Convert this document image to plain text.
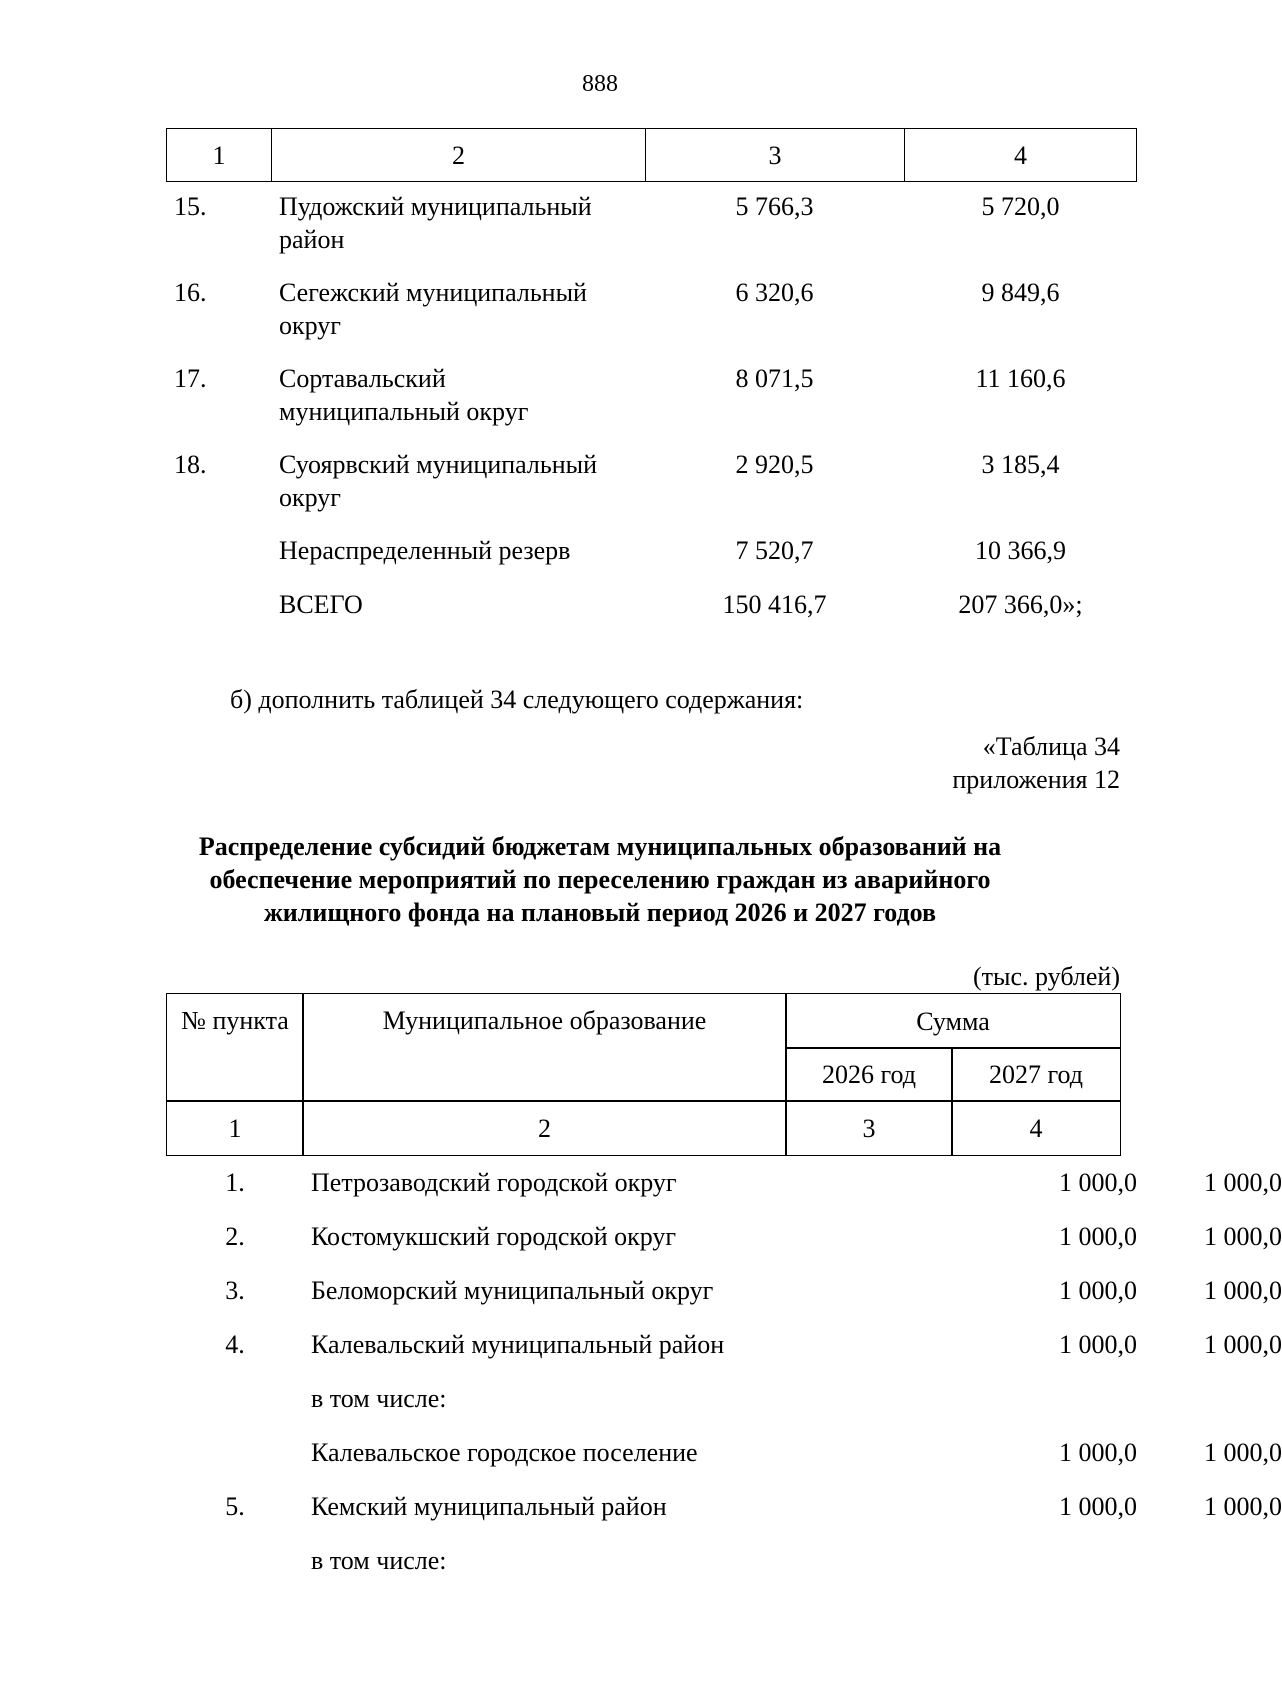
888
1	2	3	4
15.	Пудожский муниципальный
район
5 766,3	5 720,0
16.	Сегежский муниципальный
округ
6 320,6	9 849,6
17.	Сортавальский
муниципальный округ
8 071,5	11 160,6
18.	Суоярвский муниципальный
округ
2 920,5	3 185,4
Нераспределенный резерв	7 520,7	10 366,9
ВСЕГО	150 416,7	207 366,0»;
б) дополнить таблицей 34 следующего содержания:
«Таблица 34
приложения 12
Распределение субсидий бюджетам муниципальных образований на
обеспечение мероприятий по переселению граждан из аварийного
жилищного фонда на плановый период 2026 и 2027 годов
(тыс. рублей)
№ пункта	Муниципальное образование	Сумма
2026 год	2027 год
1	2	3	4
1.	Петрозаводский городской округ	1 000,0	1 000,0
2.	Костомукшский городской округ	1 000,0	1 000,0
3.	Беломорский муниципальный округ	1 000,0	1 000,0
4.	Калевальский муниципальный район	1 000,0	1 000,0
в том числе:
Калевальское городское поселение	1 000,0	1 000,0
5.	Кемский муниципальный район	1 000,0	1 000,0
в том числе:
